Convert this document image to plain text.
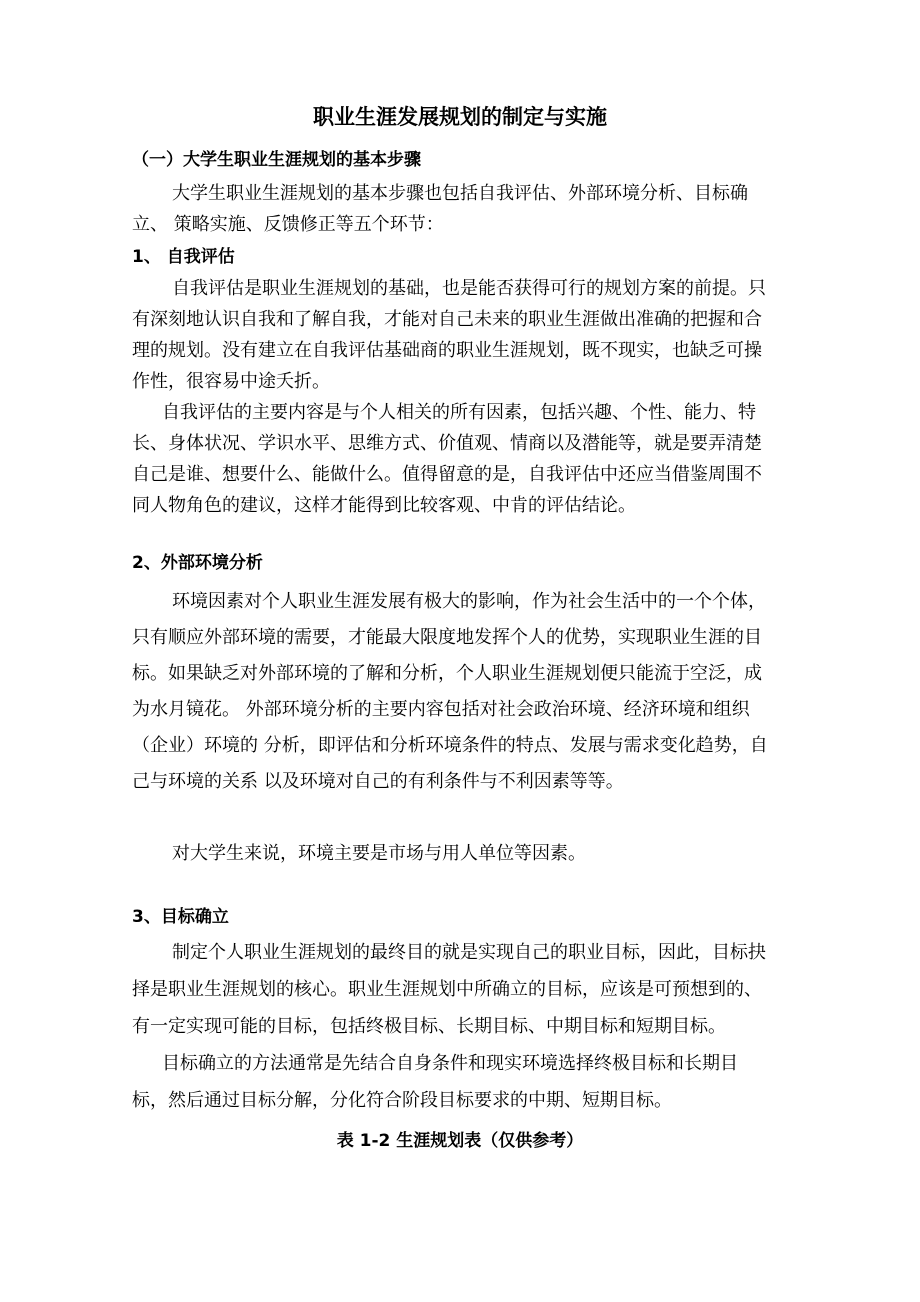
职业生涯发展规划的制定与实施
（一）大学生职业生涯规划的基本步骤
大学生职业生涯规划的基本步骤也包括自我评估、外部环境分析、目标确
立、 策略实施、反馈修正等五个环节：
1、 自我评估
自我评估是职业生涯规划的基础，也是能否获得可行的规划方案的前提。只
有深刻地认识自我和了解自我，才能对自己未来的职业生涯做出准确的把握和合
理的规划。没有建立在自我评估基础商的职业生涯规划，既不现实，也缺乏可操
作性，很容易中途夭折。
自我评估的主要内容是与个人相关的所有因素，包括兴趣、个性、能力、特
长、身体状况、学识水平、思维方式、价值观、情商以及潜能等，就是要弄清楚
自己是谁、想要什么、能做什么。值得留意的是，自我评估中还应当借鉴周围不
同人物角色的建议，这样才能得到比较客观、中肯的评估结论。
2、外部环境分析
环境因素对个人职业生涯发展有极大的影响，作为社会生活中的一个个体，
只有顺应外部环境的需要，才能最大限度地发挥个人的优势，实现职业生涯的目
标。如果缺乏对外部环境的了解和分析，个人职业生涯规划便只能流于空泛，成
为水月镜花。 外部环境分析的主要内容包括对社会政治环境、经济环境和组织
（企业）环境的 分析，即评估和分析环境条件的特点、发展与需求变化趋势，自
己与环境的关系 以及环境对自己的有利条件与不利因素等等。
对大学生来说，环境主要是市场与用人单位等因素。
3、目标确立
制定个人职业生涯规划的最终目的就是实现自己的职业目标，因此，目标抉
择是职业生涯规划的核心。职业生涯规划中所确立的目标，应该是可预想到的、
有一定实现可能的目标，包括终极目标、长期目标、中期目标和短期目标。
目标确立的方法通常是先结合自身条件和现实环境选择终极目标和长期目
标，然后通过目标分解，分化符合阶段目标要求的中期、短期目标。
表 1-2 生涯规划表（仅供参考）
